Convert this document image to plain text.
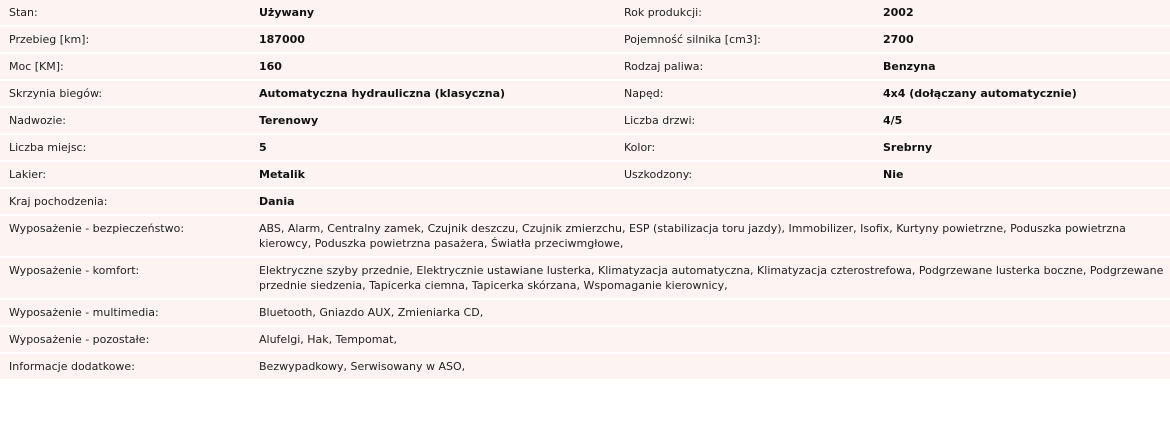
Stan:	Używany	Rok produkcji:	2002
Przebieg [km]:	187000	Pojemność silnika [cm3]:	2700
Moc [KM]:	160	Rodzaj paliwa:	Benzyna
Skrzynia biegów:	Automatyczna hydrauliczna (klasyczna)	Napęd:	4x4 (dołączany automatycznie)
Nadwozie:	Terenowy	Liczba drzwi:	4/5
Liczba miejsc:	5	Kolor:	Srebrny
Lakier:	Metalik	Uszkodzony:	Nie
Kraj pochodzenia:	Dania		
Wyposażenie - bezpieczeństwo:	ABS, Alarm, Centralny zamek, Czujnik deszczu, Czujnik zmierzchu, ESP (stabilizacja toru jazdy), Immobilizer, Isofix, Kurtyny powietrzne, Poduszka powietrzna kierowcy, Poduszka powietrzna pasażera, Światła przeciwmgłowe,		
Wyposażenie - komfort:	Elektryczne szyby przednie, Elektrycznie ustawiane lusterka, Klimatyzacja automatyczna, Klimatyzacja czterostrefowa, Podgrzewane lusterka boczne, Podgrzewane przednie siedzenia, Tapicerka ciemna, Tapicerka skórzana, Wspomaganie kierownicy,		
Wyposażenie - multimedia:	Bluetooth, Gniazdo AUX, Zmieniarka CD,		
Wyposażenie - pozostałe:	Alufelgi, Hak, Tempomat,		
Informacje dodatkowe:	Bezwypadkowy, Serwisowany w ASO,		
